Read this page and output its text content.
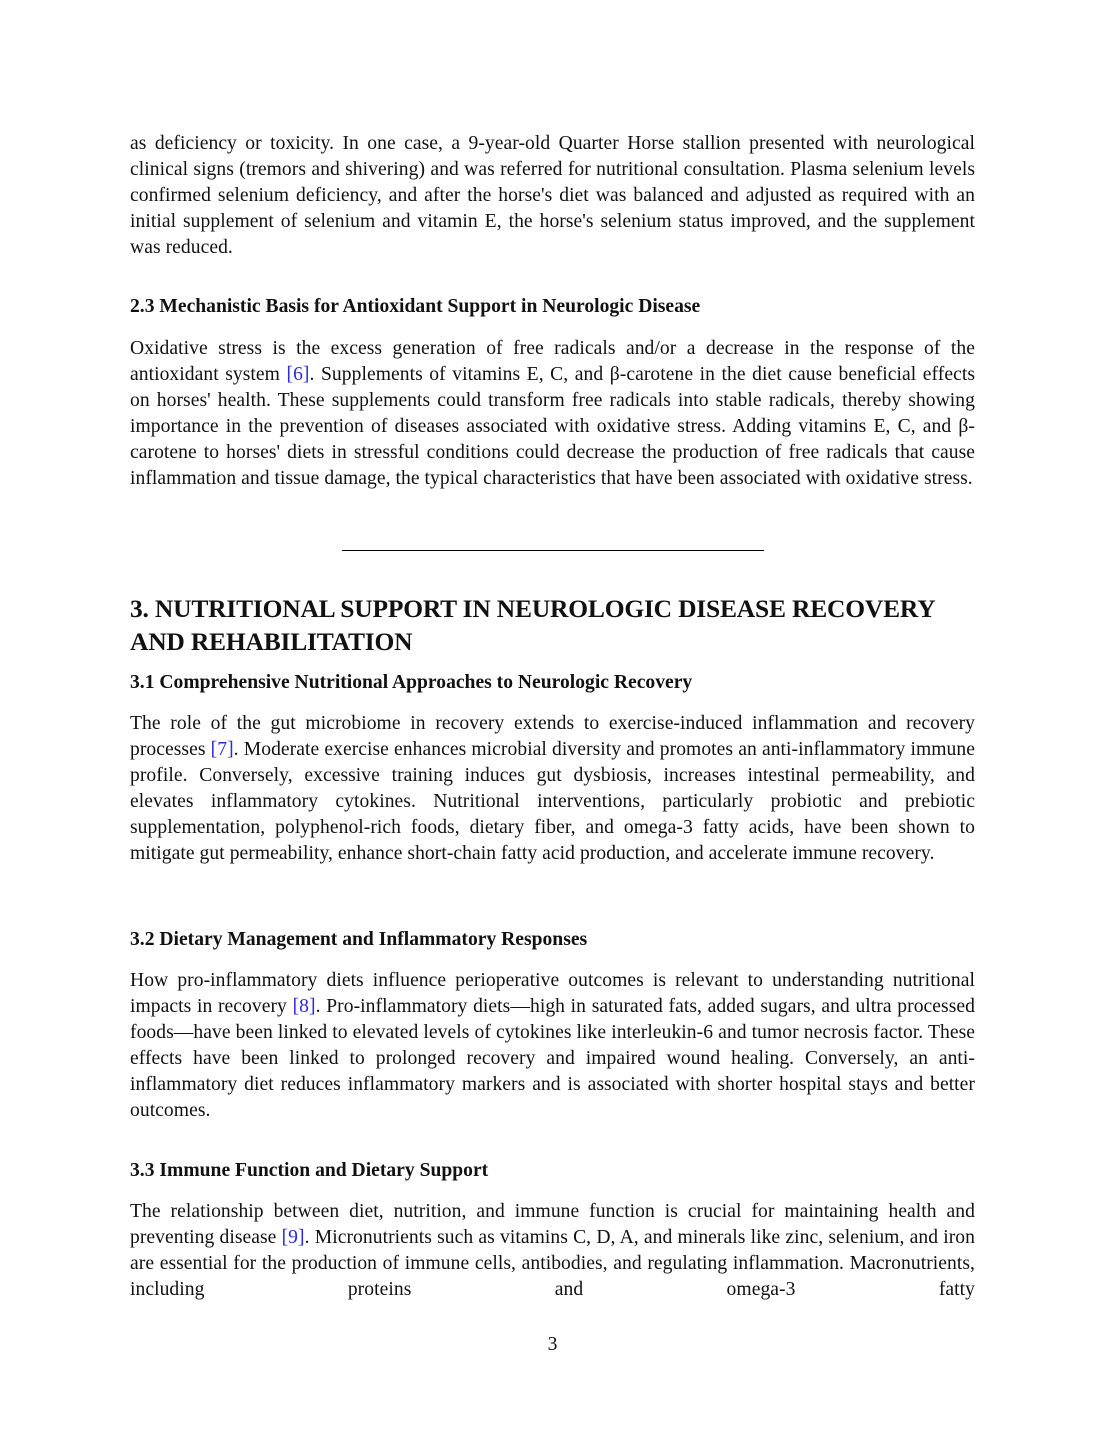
as deficiency or toxicity. In one case, a 9-year-old Quarter Horse stallion presented with neurological clinical signs (tremors and shivering) and was referred for nutritional consultation. Plasma selenium levels confirmed selenium deficiency, and after the horse's diet was balanced and adjusted as required with an initial supplement of selenium and vitamin E, the horse's selenium status improved, and the supplement was reduced.

2.3 Mechanistic Basis for Antioxidant Support in Neurologic Disease

Oxidative stress is the excess generation of free radicals and/or a decrease in the response of the antioxidant system [6]. Supplements of vitamins E, C, and β-carotene in the diet cause beneficial effects on horses' health. These supplements could transform free radicals into stable radicals, thereby showing importance in the prevention of diseases associated with oxidative stress. Adding vitamins E, C, and β-carotene to horses' diets in stressful conditions could decrease the production of free radicals that cause inflammation and tissue damage, the typical characteristics that have been associated with oxidative stress.

3. NUTRITIONAL SUPPORT IN NEUROLOGIC DISEASE RECOVERY AND REHABILITATION
3.1 Comprehensive Nutritional Approaches to Neurologic Recovery

The role of the gut microbiome in recovery extends to exercise-induced inflammation and recovery processes [7]. Moderate exercise enhances microbial diversity and promotes an anti-inflammatory immune profile. Conversely, excessive training induces gut dysbiosis, increases intestinal permeability, and elevates inflammatory cytokines. Nutritional interventions, particularly probiotic and prebiotic supplementation, polyphenol-rich foods, dietary fiber, and omega-3 fatty acids, have been shown to mitigate gut permeability, enhance short-chain fatty acid production, and accelerate immune recovery.

3.2 Dietary Management and Inflammatory Responses

How pro-inflammatory diets influence perioperative outcomes is relevant to understanding nutritional impacts in recovery [8]. Pro-inflammatory diets—high in saturated fats, added sugars, and ultra processed foods—have been linked to elevated levels of cytokines like interleukin-6 and tumor necrosis factor. These effects have been linked to prolonged recovery and impaired wound healing. Conversely, an anti-inflammatory diet reduces inflammatory markers and is associated with shorter hospital stays and better outcomes.

3.3 Immune Function and Dietary Support

The relationship between diet, nutrition, and immune function is crucial for maintaining health and preventing disease [9]. Micronutrients such as vitamins C, D, A, and minerals like zinc, selenium, and iron are essential for the production of immune cells, antibodies, and regulating inflammation. Macronutrients, including proteins and omega-3 fatty

3
